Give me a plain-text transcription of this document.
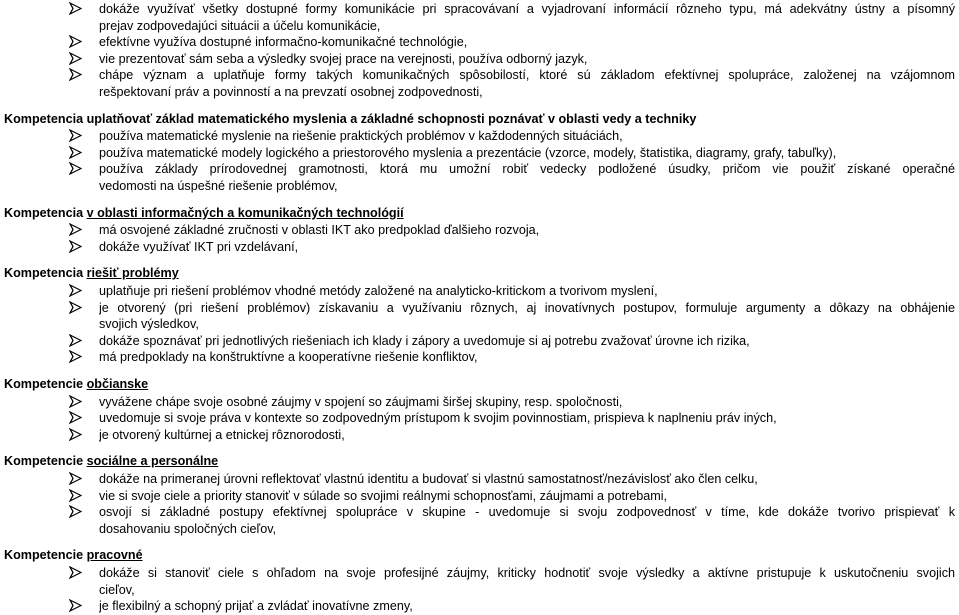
dokáže využívať všetky dostupné formy komunikácie pri spracovávaní a vyjadrovaní informácií rôzneho typu, má adekvátny ústny a písomný
prejav zodpovedajúci situácii a účelu komunikácie,
efektívne využíva dostupné informačno-komunikačné technológie,
vie prezentovať sám seba a výsledky svojej prace na verejnosti, používa odborný jazyk,
chápe význam a uplatňuje formy takých komunikačných spôsobilostí, ktoré sú základom efektívnej spolupráce, založenej na vzájomnom
rešpektovaní práv a povinností a na prevzatí osobnej zodpovednosti,
Kompetencia uplatňovať základ matematického myslenia a základné schopnosti poznávať v oblasti vedy a techniky
používa matematické myslenie na riešenie praktických problémov v každodenných situáciách,
používa matematické modely logického a priestorového myslenia a prezentácie (vzorce, modely, štatistika, diagramy, grafy, tabuľky),
používa základy prírodovednej gramotnosti, ktorá mu umožní robiť vedecky podložené úsudky, pričom vie použiť získané operačné
vedomosti na úspešné riešenie problémov,
Kompetencia v oblasti informačných a komunikačných technológií
má osvojené základné zručnosti v oblasti IKT ako predpoklad ďalšieho rozvoja,
dokáže využívať IKT pri vzdelávaní,
Kompetencia riešiť problémy
uplatňuje pri riešení problémov vhodné metódy založené na analyticko-kritickom a tvorivom myslení,
je otvorený (pri riešení problémov) získavaniu a využívaniu rôznych, aj inovatívnych postupov, formuluje argumenty a dôkazy na obhájenie
svojich výsledkov,
dokáže spoznávať pri jednotlivých riešeniach ich klady i zápory a uvedomuje si aj potrebu zvažovať úrovne ich rizika,
má predpoklady na konštruktívne a kooperatívne riešenie konfliktov,
Kompetencie občianske
vyváženе chápe svoje osobné záujmy v spojení so záujmami širšej skupiny, resp. spoločnosti,
uvedomuje si svoje práva v kontexte so zodpovedným prístupom k svojim povinnostiam, prispieva k naplneniu práv iných,
je otvorený kultúrnej a etnickej rôznorodosti,
Kompetencie sociálne a personálne
dokáže na primeranej úrovni reflektovať vlastnú identitu a budovať si vlastnú samostatnosť/nezávislosť ako člen celku,
vie si svoje ciele a priority stanoviť v súlade so svojimi reálnymi schopnosťami, záujmami a potrebami,
osvojí si základné postupy efektívnej spolupráce v skupine - uvedomuje si svoju zodpovednosť v tíme, kde dokáže tvorivo prispievať k
dosahovaniu spoločných cieľov,
Kompetencie pracovné
dokáže si stanoviť ciele s ohľadom na svoje profesijné záujmy, kriticky hodnotiť svoje výsledky a aktívne pristupuje k uskutočneniu svojich
cieľov,
je flexibilný a schopný prijať a zvládať inovatívne zmeny,
